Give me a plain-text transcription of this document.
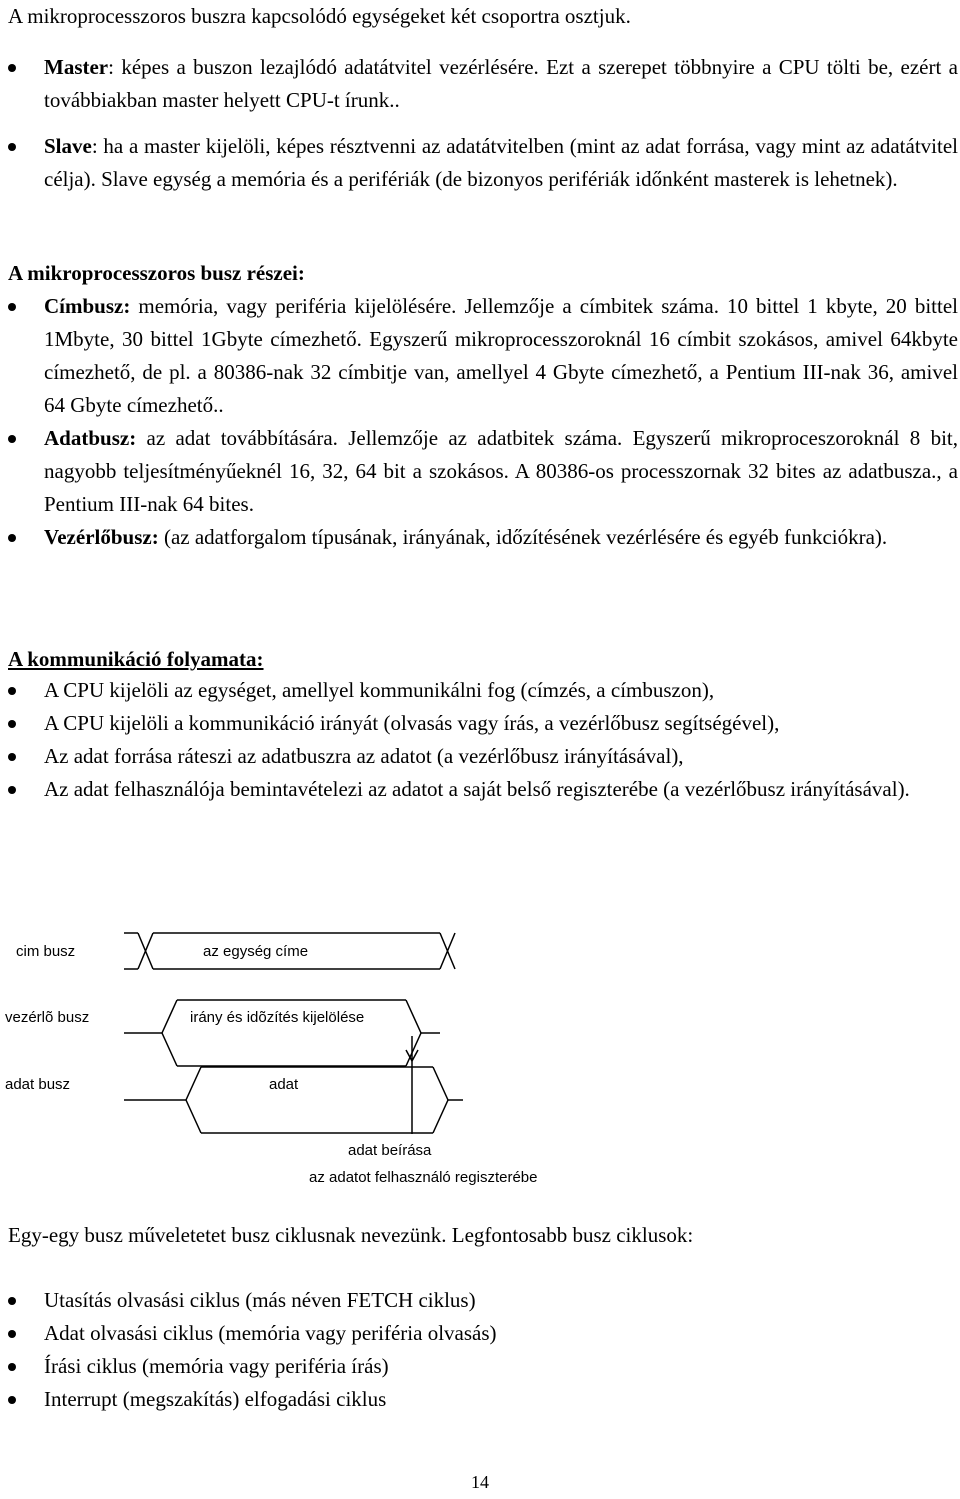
A mikroprocesszoros buszra kapcsolódó egységeket két csoportra osztjuk.

Master: képes a buszon lezajlódó adatátvitel vezérlésére. Ezt a szerepet többnyire a CPU tölti be, ezért a továbbiakban master helyett CPU-t írunk..
Slave: ha a master kijelöli, képes résztvenni az adatátvitelben (mint az adat forrása, vagy mint az adatátvitel célja). Slave egység a memória és a perifériák (de bizonyos perifériák időnként masterek is lehetnek).

A mikroprocesszoros busz részei:

Címbusz: memória, vagy periféria kijelölésére. Jellemzője a címbitek száma. 10 bittel 1 kbyte, 20 bittel 1Mbyte, 30 bittel 1Gbyte címezhető. Egyszerű mikroprocesszoroknál 16 címbit szokásos, amivel 64kbyte címezhető, de pl. a 80386-nak 32 címbitje van, amellyel 4 Gbyte címezhető, a Pentium III-nak 36, amivel 64 Gbyte címezhető..
Adatbusz: az adat továbbítására. Jellemzője az adatbitek száma. Egyszerű mikroproceszoroknál 8 bit, nagyobb teljesítményűeknél 16, 32, 64 bit a szokásos. A 80386-os processzornak 32 bites az adatbusza., a Pentium III-nak 64 bites.
Vezérlőbusz: (az adatforgalom típusának, irányának, időzítésének vezérlésére és egyéb funkciókra).

A kommunikáció folyamata:

A CPU kijelöli az egységet, amellyel kommunikálni fog (címzés, a címbuszon),
A CPU kijelöli a kommunikáció irányát (olvasás vagy írás, a vezérlőbusz segítségével),
Az adat forrása ráteszi az adatbuszra az adatot (a vezérlőbusz irányításával),
Az adat felhasználója bemintavételezi az adatot a saját belső regiszterébe (a vezérlőbusz irányításával).
cim busz	az egység címe
vezérlõ busz	irány és idõzítés kijelölése
adat busz	adat
adat beírása
az adatot felhasználó regiszterébe

Egy-egy busz műveletetet busz ciklusnak nevezünk. Legfontosabb busz ciklusok:

Utasítás olvasási ciklus (más néven FETCH ciklus)
Adat olvasási ciklus (memória vagy periféria olvasás)
Írási ciklus (memória vagy periféria írás)
Interrupt (megszakítás) elfogadási ciklus
14
